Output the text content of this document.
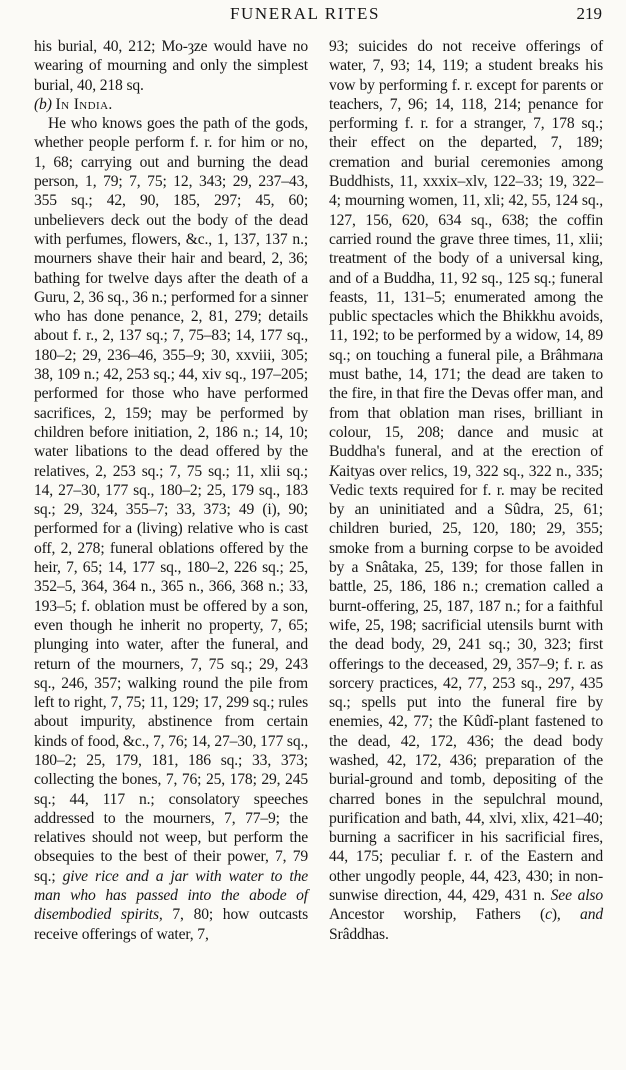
FUNERAL RITES	219

his burial, 40, 212; Mo-ȝze would have no wearing of mourning and only the simplest burial, 40, 218 sq.

(b) In India.

He who knows goes the path of the gods, whether people perform f. r. for him or no, 1, 68; carrying out and burning the dead person, 1, 79; 7, 75; 12, 343; 29, 237–43, 355 sq.; 42, 90, 185, 297; 45, 60; unbelievers deck out the body of the dead with perfumes, flowers, &c., 1, 137, 137 n.; mourners shave their hair and beard, 2, 36; bathing for twelve days after the death of a Guru, 2, 36 sq., 36 n.; performed for a sinner who has done penance, 2, 81, 279; details about f. r., 2, 137 sq.; 7, 75–83; 14, 177 sq., 180–2; 29, 236–46, 355–9; 30, xxviii, 305; 38, 109 n.; 42, 253 sq.; 44, xiv sq., 197–205; performed for those who have performed sacrifices, 2, 159; may be performed by children before initiation, 2, 186 n.; 14, 10; water libations to the dead offered by the relatives, 2, 253 sq.; 7, 75 sq.; 11, xlii sq.; 14, 27–30, 177 sq., 180–2; 25, 179 sq., 183 sq.; 29, 324, 355–7; 33, 373; 49 (i), 90; performed for a (living) relative who is cast off, 2, 278; funeral oblations offered by the heir, 7, 65; 14, 177 sq., 180–2, 226 sq.; 25, 352–5, 364, 364 n., 365 n., 366, 368 n.; 33, 193–5; f. oblation must be offered by a son, even though he inherit no property, 7, 65; plunging into water, after the funeral, and return of the mourners, 7, 75 sq.; 29, 243 sq., 246, 357; walking round the pile from left to right, 7, 75; 11, 129; 17, 299 sq.; rules about impurity, abstinence from certain kinds of food, &c., 7, 76; 14, 27–30, 177 sq., 180–2; 25, 179, 181, 186 sq.; 33, 373; collecting the bones, 7, 76; 25, 178; 29, 245 sq.; 44, 117 n.; consolatory speeches addressed to the mourners, 7, 77–9; the relatives should not weep, but perform the obsequies to the best of their power, 7, 79 sq.; give rice and a jar with water to the man who has passed into the abode of disembodied spirits, 7, 80; how outcasts receive offerings of water, 7,

93; suicides do not receive offerings of water, 7, 93; 14, 119; a student breaks his vow by performing f. r. except for parents or teachers, 7, 96; 14, 118, 214; penance for performing f. r. for a stranger, 7, 178 sq.; their effect on the departed, 7, 189; cremation and burial ceremonies among Buddhists, 11, xxxix–xlv, 122–33; 19, 322–4; mourning women, 11, xli; 42, 55, 124 sq., 127, 156, 620, 634 sq., 638; the coffin carried round the grave three times, 11, xlii; treatment of the body of a universal king, and of a Buddha, 11, 92 sq., 125 sq.; funeral feasts, 11, 131–5; enumerated among the public spectacles which the Bhikkhu avoids, 11, 192; to be performed by a widow, 14, 89 sq.; on touching a funeral pile, a Brâhmana must bathe, 14, 171; the dead are taken to the fire, in that fire the Devas offer man, and from that oblation man rises, brilliant in colour, 15, 208; dance and music at Buddha's funeral, and at the erection of Kaityas over relics, 19, 322 sq., 322 n., 335; Vedic texts required for f. r. may be recited by an uninitiated and a Sûdra, 25, 61; children buried, 25, 120, 180; 29, 355; smoke from a burning corpse to be avoided by a Snâtaka, 25, 139; for those fallen in battle, 25, 186, 186 n.; cremation called a burnt-offering, 25, 187, 187 n.; for a faithful wife, 25, 198; sacrificial utensils burnt with the dead body, 29, 241 sq.; 30, 323; first offerings to the deceased, 29, 357–9; f. r. as sorcery practices, 42, 77, 253 sq., 297, 435 sq.; spells put into the funeral fire by enemies, 42, 77; the Kûdî-plant fastened to the dead, 42, 172, 436; the dead body washed, 42, 172, 436; preparation of the burial-ground and tomb, depositing of the charred bones in the sepulchral mound, purification and bath, 44, xlvi, xlix, 421–40; burning a sacrificer in his sacrificial fires, 44, 175; peculiar f. r. of the Eastern and other ungodly people, 44, 423, 430; in non-sunwise direction, 44, 429, 431 n. See also Ancestor worship, Fathers (c), and Srâddhas.
